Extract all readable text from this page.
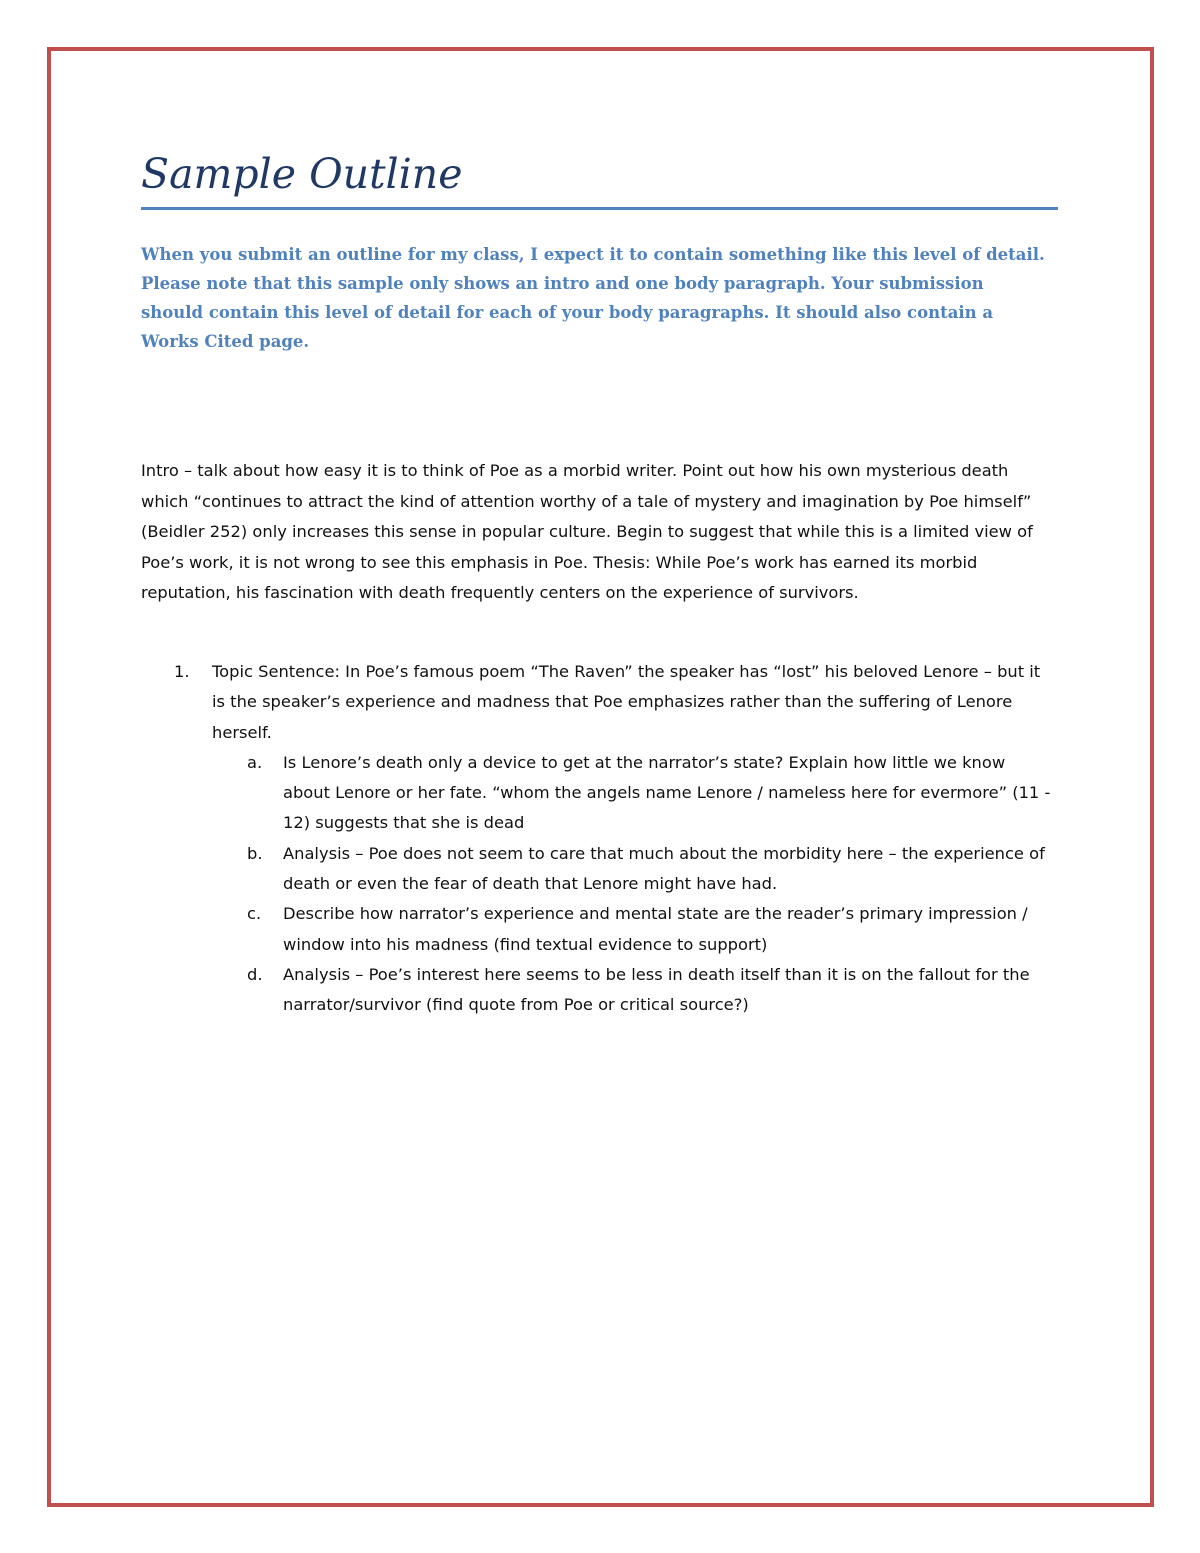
Sample Outline

When you submit an outline for my class, I expect it to contain something like this level of detail. Please note that this sample only shows an intro and one body paragraph. Your submission should contain this level of detail for each of your body paragraphs. It should also contain a Works Cited page.

Intro – talk about how easy it is to think of Poe as a morbid writer. Point out how his own mysterious death which “continues to attract the kind of attention worthy of a tale of mystery and imagination by Poe himself” (Beidler 252) only increases this sense in popular culture. Begin to suggest that while this is a limited view of Poe’s work, it is not wrong to see this emphasis in Poe. Thesis: While Poe’s work has earned its morbid reputation, his fascination with death frequently centers on the experience of survivors.

1. Topic Sentence: In Poe’s famous poem “The Raven” the speaker has “lost” his beloved Lenore – but it is the speaker’s experience and madness that Poe emphasizes rather than the suffering of Lenore herself.
a. Is Lenore’s death only a device to get at the narrator’s state? Explain how little we know about Lenore or her fate. “whom the angels name Lenore / nameless here for evermore” (11 - 12) suggests that she is dead
b. Analysis – Poe does not seem to care that much about the morbidity here – the experience of death or even the fear of death that Lenore might have had.
c. Describe how narrator’s experience and mental state are the reader’s primary impression / window into his madness (find textual evidence to support)
d. Analysis – Poe’s interest here seems to be less in death itself than it is on the fallout for the narrator/survivor (find quote from Poe or critical source?)
